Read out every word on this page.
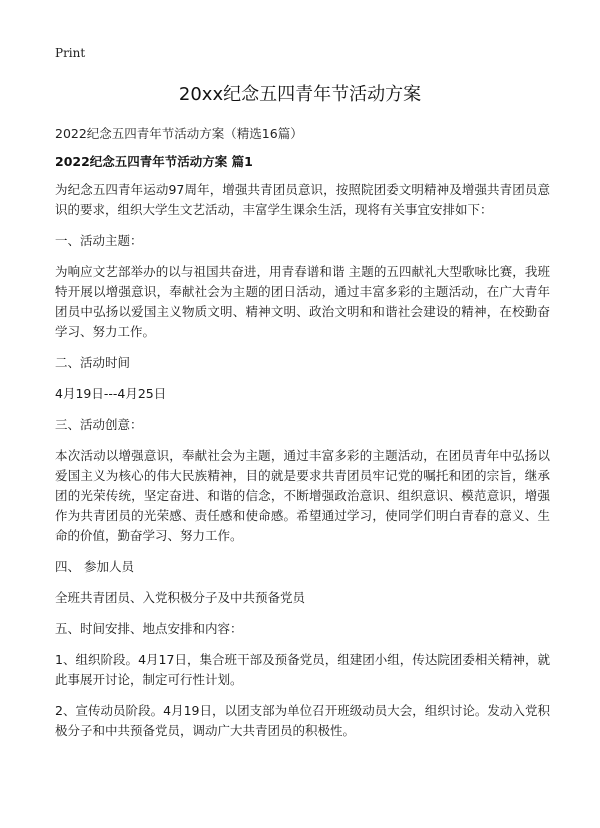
Print
20xx纪念五四青年节活动方案
2022纪念五四青年节活动方案（精选16篇）
2022纪念五四青年节活动方案 篇1

为纪念五四青年运动97周年，增强共青团员意识，按照院团委文明精神及增强共青团员意识的要求，组织大学生文艺活动，丰富学生课余生活，现将有关事宜安排如下：

一、活动主题：

为响应文艺部举办的以与祖国共奋进，用青春谱和谐 主题的五四献礼大型歌咏比赛，我班特开展以增强意识，奉献社会为主题的团日活动，通过丰富多彩的主题活动，在广大青年团员中弘扬以爱国主义物质文明、精神文明、政治文明和和谐社会建设的精神，在校勤奋学习、努力工作。

二、活动时间

4月19日---4月25日

三、活动创意：

本次活动以增强意识，奉献社会为主题，通过丰富多彩的主题活动，在团员青年中弘扬以爱国主义为核心的伟大民族精神，目的就是要求共青团员牢记党的嘱托和团的宗旨，继承团的光荣传统，坚定奋进、和谐的信念，不断增强政治意识、组织意识、模范意识，增强作为共青团员的光荣感、责任感和使命感。希望通过学习，使同学们明白青春的意义、生命的价值，勤奋学习、努力工作。

四、 参加人员

全班共青团员、入党积极分子及中共预备党员

五、时间安排、地点安排和内容：

1、组织阶段。4月17日，集合班干部及预备党员，组建团小组，传达院团委相关精神，就此事展开讨论，制定可行性计划。

2、宣传动员阶段。4月19日，以团支部为单位召开班级动员大会，组织讨论。发动入党积极分子和中共预备党员，调动广大共青团员的积极性。
